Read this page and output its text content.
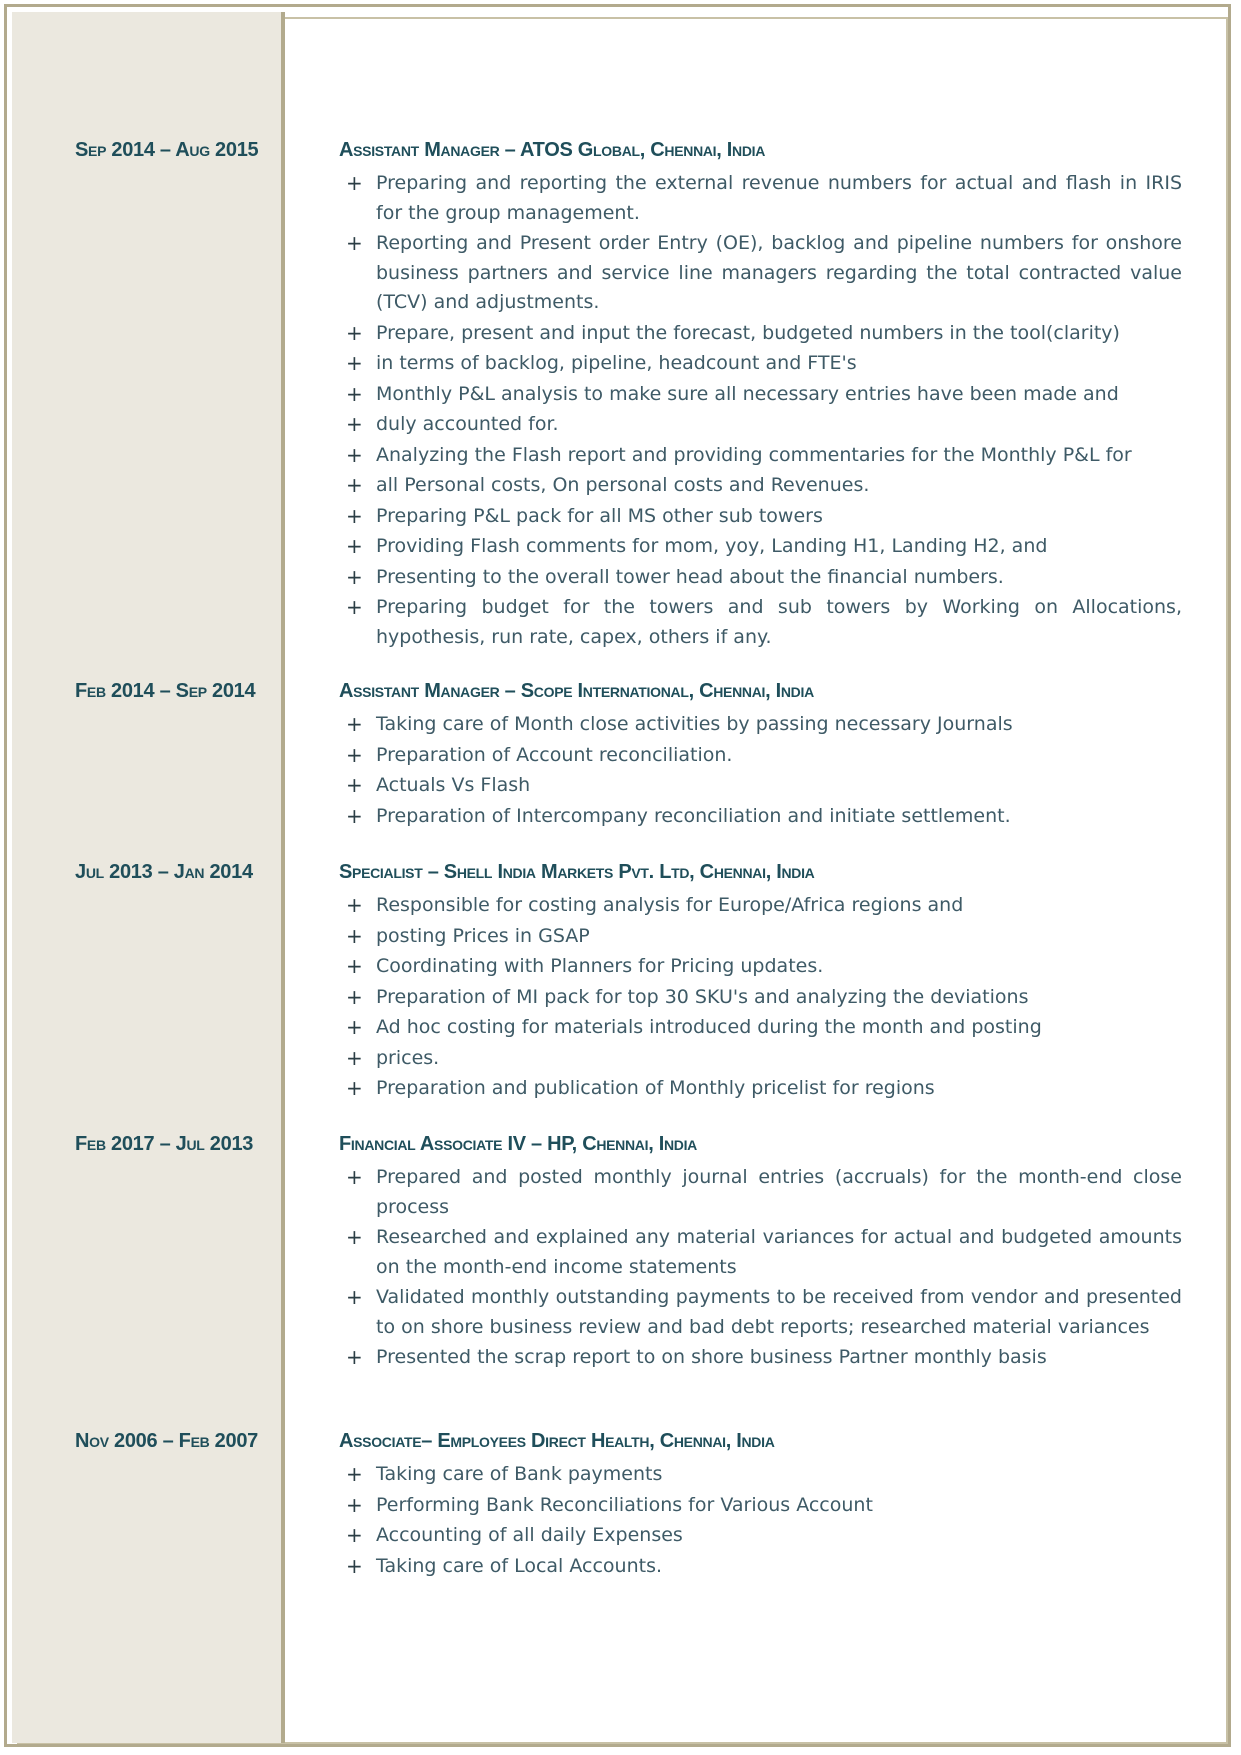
Sep 2014 – Aug 2015	Assistant Manager – ATOS Global, Chennai, India
+ Preparing and reporting the external revenue numbers for actual and flash in IRIS for the group management.
+ Reporting and Present order Entry (OE), backlog and pipeline numbers for onshore business partners and service line managers regarding the total contracted value (TCV) and adjustments.
+ Prepare, present and input the forecast, budgeted numbers in the tool(clarity)
+ in terms of backlog, pipeline, headcount and FTE's
+ Monthly P&L analysis to make sure all necessary entries have been made and
+ duly accounted for.
+ Analyzing the Flash report and providing commentaries for the Monthly P&L for
+ all Personal costs, On personal costs and Revenues.
+ Preparing P&L pack for all MS other sub towers
+ Providing Flash comments for mom, yoy, Landing H1, Landing H2, and
+ Presenting to the overall tower head about the financial numbers.
+ Preparing budget for the towers and sub towers by Working on Allocations, hypothesis, run rate, capex, others if any.
Feb 2014 – Sep 2014	Assistant Manager – Scope International, Chennai, India
+ Taking care of Month close activities by passing necessary Journals
+ Preparation of Account reconciliation.
+ Actuals Vs Flash
+ Preparation of Intercompany reconciliation and initiate settlement.
Jul 2013 – Jan 2014	Specialist – Shell India Markets Pvt. Ltd, Chennai, India
+ Responsible for costing analysis for Europe/Africa regions and
+ posting Prices in GSAP
+ Coordinating with Planners for Pricing updates.
+ Preparation of MI pack for top 30 SKU's and analyzing the deviations
+ Ad hoc costing for materials introduced during the month and posting
+ prices.
+ Preparation and publication of Monthly pricelist for regions
Feb 2017 – Jul 2013	Financial Associate IV – HP, Chennai, India
+ Prepared and posted monthly journal entries (accruals) for the month-end close process
+ Researched and explained any material variances for actual and budgeted amounts on the month-end income statements
+ Validated monthly outstanding payments to be received from vendor and presented to on shore business review and bad debt reports; researched material variances
+ Presented the scrap report to on shore business Partner monthly basis
Nov 2006 – Feb 2007	Associate– Employees Direct Health, Chennai, India
+ Taking care of Bank payments
+ Performing Bank Reconciliations for Various Account
+ Accounting of all daily Expenses
+ Taking care of Local Accounts.
